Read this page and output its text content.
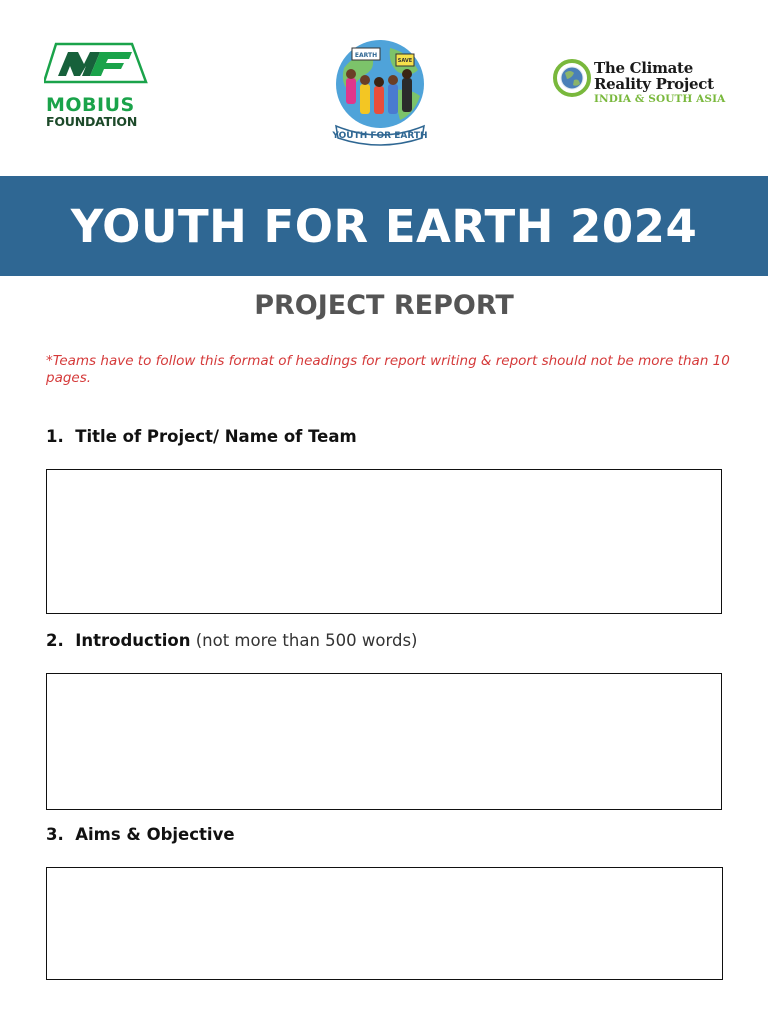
MOBIUS
FOUNDATION
EARTH
SAVE
YOUTH FOR EARTH
The Climate
Reality Project
INDIA & SOUTH ASIA
YOUTH FOR EARTH 2024
PROJECT REPORT
*Teams have to follow this format of headings for report writing & report should not be more than 10 pages.
1. Title of Project/ Name of Team
2. Introduction (not more than 500 words)
3. Aims & Objective
